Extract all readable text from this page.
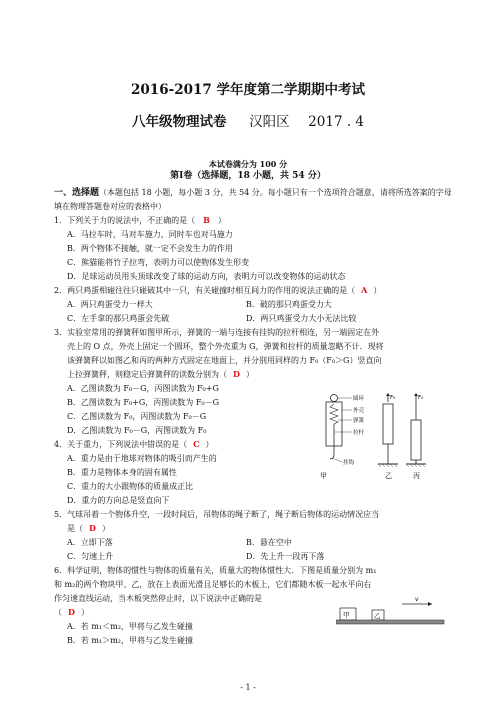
2016-2017 学年度第二学期期中考试
八年级物理试卷 汉阳区 2017 . 4
本试卷满分为 100 分
第Ⅰ卷（选择题，18 小题，共 54 分）
一、选择题（本题包括 18 小题，每小题 3 分，共 54 分。每小题只有一个选项符合题意，请将所选答案的字母填在物理答题卷对应的表格中）
1．下列关于力的说法中，不正确的是（ B ）
A．马拉车时，马对车施力，同时车也对马施力
B．两个物体不接触，就一定不会发生力的作用
C．熊猫能将竹子拉弯，表明力可以使物体发生形变
D．足球运动员用头顶球改变了球的运动方向，表明力可以改变物体的运动状态
2．两只鸡蛋相碰往往只碰破其中一只，有关碰撞时相互间力的作用的说法正确的是（ A ）
A．两只鸡蛋受力一样大	B．破的那只鸡蛋受力大
C．左手拿的那只鸡蛋会先破	D．两只鸡蛋受力大小无法比较
3．实验室常用的弹簧秤如图甲所示，弹簧的一端与连接有挂钩的拉杆相连，另一端固定在外
壳上的 O 点，外壳上固定一个圆环，整个外壳重为 G，弹簧和拉杆的质量忽略不计．现将
该弹簧秤以如图乙和丙的两种方式固定在地面上，并分别用同样的力 F₀（F₀＞G）竖直向
上拉弹簧秤，则稳定后弹簧秤的读数分别为（ D ）
A．乙图读数为 F₀－G，丙图读数为 F₀+G
B．乙图读数为 F₀+G，丙图读数为 F₀－G
C．乙图读数为 F₀，丙图读数为 F₀－G
D．乙图读数为 F₀－G，丙图读数为 F₀
圆环
外壳
弹簧
拉杆
挂钩
甲
F₀
乙
F₀
丙
4．关于重力，下列说法中错误的是（ C ）
A．重力是由于地球对物体的吸引而产生的
B．重力是物体本身的固有属性
C．重力的大小跟物体的质量成正比
D．重力的方向总是竖直向下
5．气球吊着一个物体升空，一段时间后，吊物体的绳子断了，绳子断后物体的运动情况应当
是（ D ）
A．立即下落	B．悬在空中
C．匀速上升	D．先上升一段再下落
6．科学证明，物体的惯性与物体的质量有关，质量大的物体惯性大．下图是质量分别为 m₁
和 m₂的两个物块甲、乙，放在上表面光滑且足够长的木板上，它们都随木板一起水平向右
作匀速直线运动，当木板突然停止时，以下说法中正确的是
（ D ）
A．若 m₁＜m₂，甲将与乙发生碰撞
B．若 m₁＞m₂，甲将与乙发生碰撞
v
甲	乙
- 1 -
